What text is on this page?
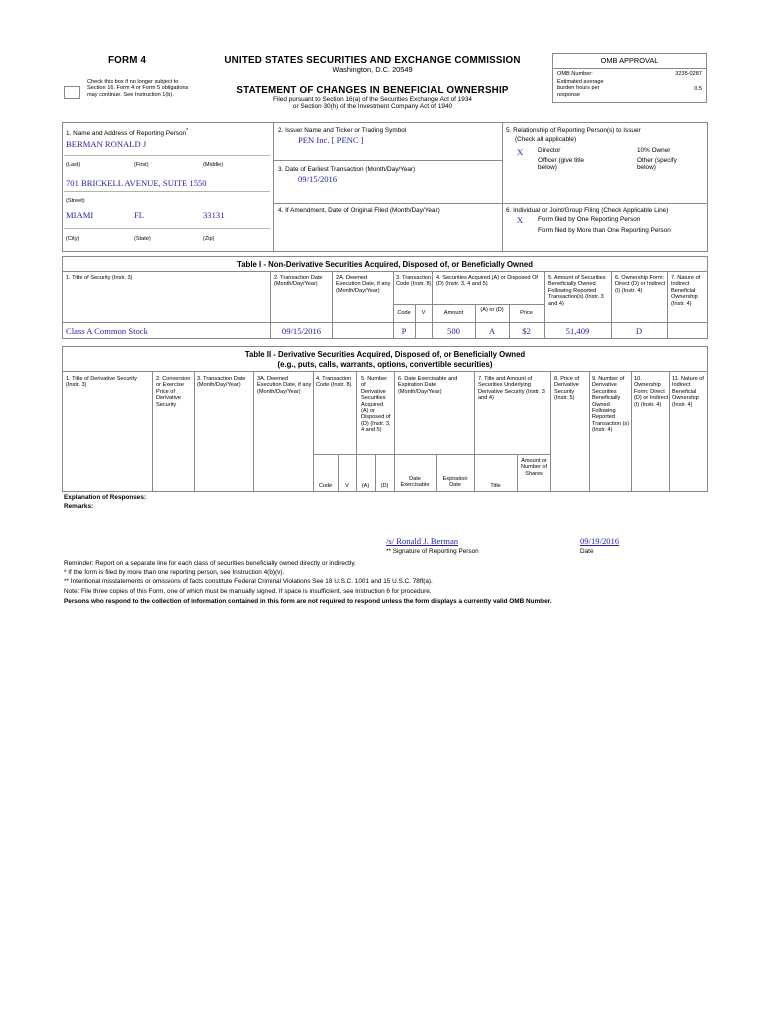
FORM 4	UNITED STATES SECURITIES AND EXCHANGE COMMISSION
Washington, D.C. 20549
Check this box if no longer subject to Section 16. Form 4 or Form 5 obligations may continue. See Instruction 1(b).	STATEMENT OF CHANGES IN BENEFICIAL OWNERSHIP
Filed pursuant to Section 16(a) of the Securities Exchange Act of 1934
or Section 30(h) of the Investment Company Act of 1940
OMB APPROVAL
OMB Number:	3235-0287
Estimated average burden hours per response
0.5
1. Name and Address of Reporting Person*
BERMAN RONALD J
(Last)	(First)	(Middle)
701 BRICKELL AVENUE, SUITE 1550
(Street)
MIAMI	FL	33131
(City)	(State)	(Zip)
2. Issuer Name and Ticker or Trading Symbol
PEN Inc. [ PENC ]
3. Date of Earliest Transaction (Month/Day/Year)
09/15/2016
4. If Amendment, Date of Original Filed (Month/Day/Year)
5. Relationship of Reporting Person(s) to Issuer
(Check all applicable)
X Director	10% Owner
Officer (give title below)
Other (specify below)
6. Individual or Joint/Group Filing (Check Applicable Line)
X Form filed by One Reporting Person
Form filed by More than One Reporting Person
Table I - Non-Derivative Securities Acquired, Disposed of, or Beneficially Owned
1. Title of Security (Instr. 3)	2. Transaction Date (Month/Day/Year)
2A. Deemed Execution Date, if any (Month/Day/Year)
3. Transaction Code (Instr. 8)
4. Securities Acquired (A) or Disposed Of (D) (Instr. 3, 4 and 5)
5. Amount of Securities Beneficially Owned Following Reported Transaction(s) (Instr. 3 and 4)
6. Ownership Form: Direct (D) or Indirect (I) (Instr. 4)
7. Nature of Indirect Beneficial Ownership (Instr. 4)
Code	V	Amount	(A) or (D)	Price
Class A Common Stock	09/15/2016	P	500	A	$2	51,409	D
Table II - Derivative Securities Acquired, Disposed of, or Beneficially Owned
(e.g., puts, calls, warrants, options, convertible securities)
1. Title of Derivative Security (Instr. 3)
2. Conversion or Exercise Price of Derivative Security
3. Transaction Date (Month/Day/Year)
3A. Deemed Execution Date, if any (Month/Day/Year)
4. Transaction Code (Instr. 8)
5. Number of Derivative Securities Acquired (A) or Disposed of (D) (Instr. 3, 4 and 5)
6. Date Exercisable and Expiration Date (Month/Day/Year)
7. Title and Amount of Securities Underlying Derivative Security (Instr. 3 and 4)
8. Price of Derivative Security (Instr. 5)
9. Number of Derivative Securities Beneficially Owned Following Reported Transaction (s) (Instr. 4)
10. Ownership Form: Direct (D) or Indirect (I) (Instr. 4)
11. Nature of Indirect Beneficial Ownership (Instr. 4)
Code	V	(A)	(D)
Date Exercisable
Expiration Date	Title
Amount or Number of Shares
Explanation of Responses:
Remarks:
/s/ Ronald J. Berman	09/19/2016
** Signature of Reporting Person	Date
Reminder: Report on a separate line for each class of securities beneficially owned directly or indirectly.
* If the form is filed by more than one reporting person, see Instruction 4(b)(v).
** Intentional misstatements or omissions of facts constitute Federal Criminal Violations See 18 U.S.C. 1001 and 15 U.S.C. 78ff(a).
Note: File three copies of this Form, one of which must be manually signed. If space is insufficient, see Instruction 6 for procedure.
Persons who respond to the collection of information contained in this form are not required to respond unless the form displays a currently valid OMB Number.
